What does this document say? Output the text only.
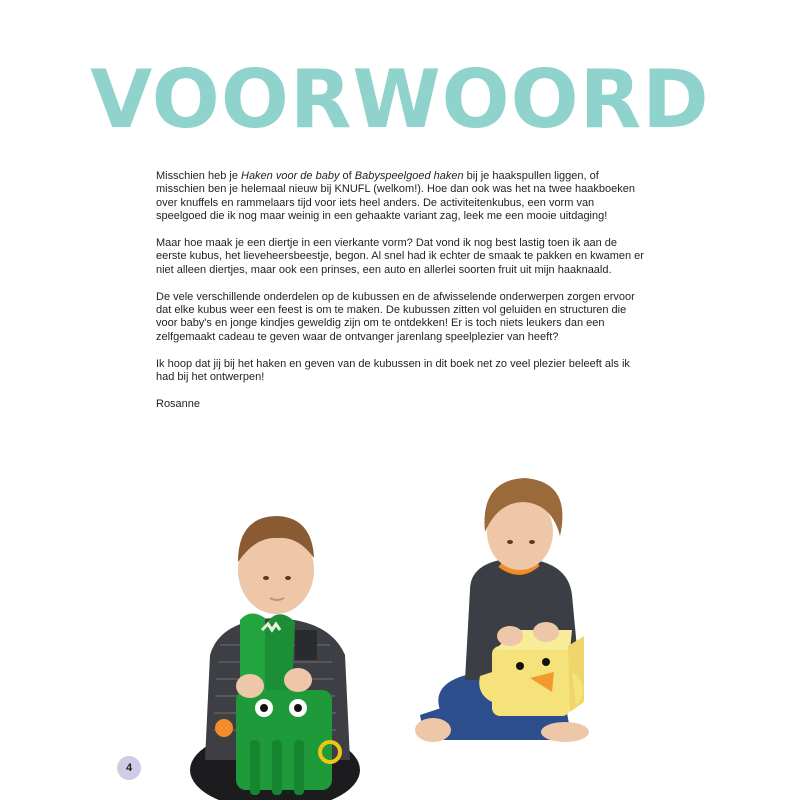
VOORWOORD

Misschien heb je Haken voor de baby of Babyspeelgoed haken bij je haakspullen liggen, of misschien ben je helemaal nieuw bij KNUFL (welkom!). Hoe dan ook was het na twee haakboeken over knuffels en rammelaars tijd voor iets heel anders. De activiteitenkubus, een vorm van speelgoed die ik nog maar weinig in een gehaakte variant zag, leek me een mooie uitdaging!

Maar hoe maak je een diertje in een vierkante vorm? Dat vond ik nog best lastig toen ik aan de eerste kubus, het lieveheersbeestje, begon. Al snel had ik echter de smaak te pakken en kwamen er niet alleen diertjes, maar ook een prinses, een auto en allerlei soorten fruit uit mijn haaknaald.

De vele verschillende onderdelen op de kubussen en de afwisselende onderwerpen zorgen ervoor dat elke kubus weer een feest is om te maken. De kubussen zitten vol geluiden en structuren die voor baby's en jonge kindjes geweldig zijn om te ontdekken! Er is toch niets leukers dan een zelfgemaakt cadeau te geven waar de ontvanger jarenlang speelplezier van heeft?

Ik hoop dat jij bij het haken en geven van de kubussen in dit boek net zo veel plezier beleeft als ik had bij het ontwerpen!

Rosanne

4
